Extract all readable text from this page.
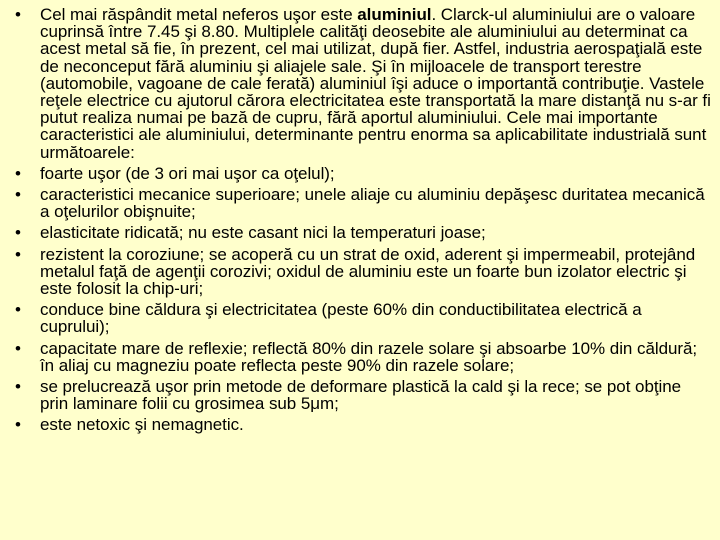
• Cel mai răspândit metal neferos uşor este aluminiul. Clarck-ul aluminiului are o valoare cuprinsă între 7.45 şi 8.80. Multiplele calităţi deosebite ale aluminiului au determinat ca acest metal să fie, în prezent, cel mai utilizat, după fier. Astfel, industria aerospaţială este de neconceput fără aluminiu şi aliajele sale. Şi în mijloacele de transport terestre (automobile, vagoane de cale ferată) aluminiul îşi aduce o importantă contribuţie. Vastele reţele electrice cu ajutorul cărora electricitatea este transportată la mare distanţă nu s-ar fi putut realiza numai pe bază de cupru, fără aportul aluminiului. Cele mai importante caracteristici ale aluminiului, determinante pentru enorma sa aplicabilitate industrială sunt următoarele:
• foarte uşor (de 3 ori mai uşor ca oţelul);
• caracteristici mecanice superioare; unele aliaje cu aluminiu depăşesc duritatea mecanică a oţelurilor obişnuite;
• elasticitate ridicată; nu este casant nici la temperaturi joase;
• rezistent la coroziune; se acoperă cu un strat de oxid, aderent şi impermeabil, protejând metalul faţă de agenţii corozivi; oxidul de aluminiu este un foarte bun izolator electric şi este folosit la chip-uri;
• conduce bine căldura şi electricitatea (peste 60% din conductibilitatea electrică a cuprului);
• capacitate mare de reflexie; reflectă 80% din razele solare şi absoarbe 10% din căldură; în aliaj cu magneziu poate reflecta peste 90% din razele solare;
• se prelucrează uşor prin metode de deformare plastică la cald şi la rece; se pot obţine prin laminare folii cu grosimea sub 5μm;
• este netoxic şi nemagnetic.
